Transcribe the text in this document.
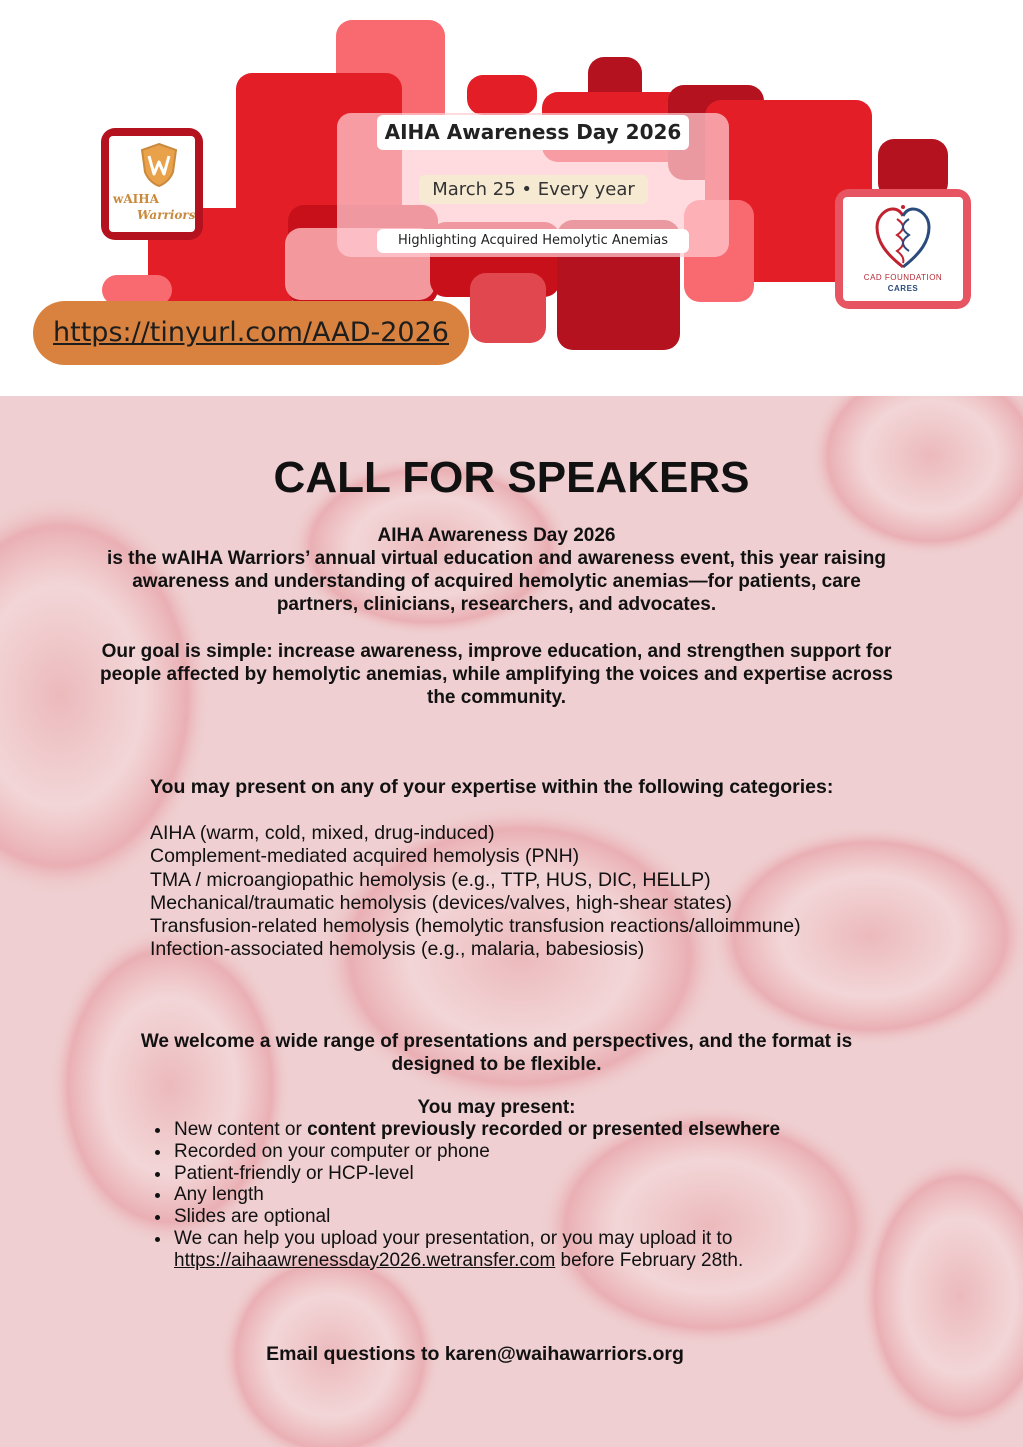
AIHA Awareness Day 2026
March 25 • Every year
Highlighting Acquired Hemolytic Anemias
wAIHA
Warriors
CAD FOUNDATION
CARES
https://tinyurl.com/AAD-2026
CALL FOR SPEAKERS
AIHA Awareness Day 2026
is the wAIHA Warriors’ annual virtual education and awareness event, this year raising awareness and understanding of acquired hemolytic anemias—for patients, care partners, clinicians, researchers, and advocates.
Our goal is simple: increase awareness, improve education, and strengthen support for people affected by hemolytic anemias, while amplifying the voices and expertise across the community.
You may present on any of your expertise within the following categories:
AIHA (warm, cold, mixed, drug-induced)
Complement-mediated acquired hemolysis (PNH)
TMA / microangiopathic hemolysis (e.g., TTP, HUS, DIC, HELLP)
Mechanical/traumatic hemolysis (devices/valves, high-shear states)
Transfusion-related hemolysis (hemolytic transfusion reactions/alloimmune)
Infection-associated hemolysis (e.g., malaria, babesiosis)
We welcome a wide range of presentations and perspectives, and the format is designed to be flexible.
You may present:
New content or content previously recorded or presented elsewhere
Recorded on your computer or phone
Patient-friendly or HCP-level
Any length
Slides are optional
We can help you upload your presentation, or you may upload it to
https://aihaawrenessday2026.wetransfer.com before February 28th.
Email questions to karen@waihawarriors.org
